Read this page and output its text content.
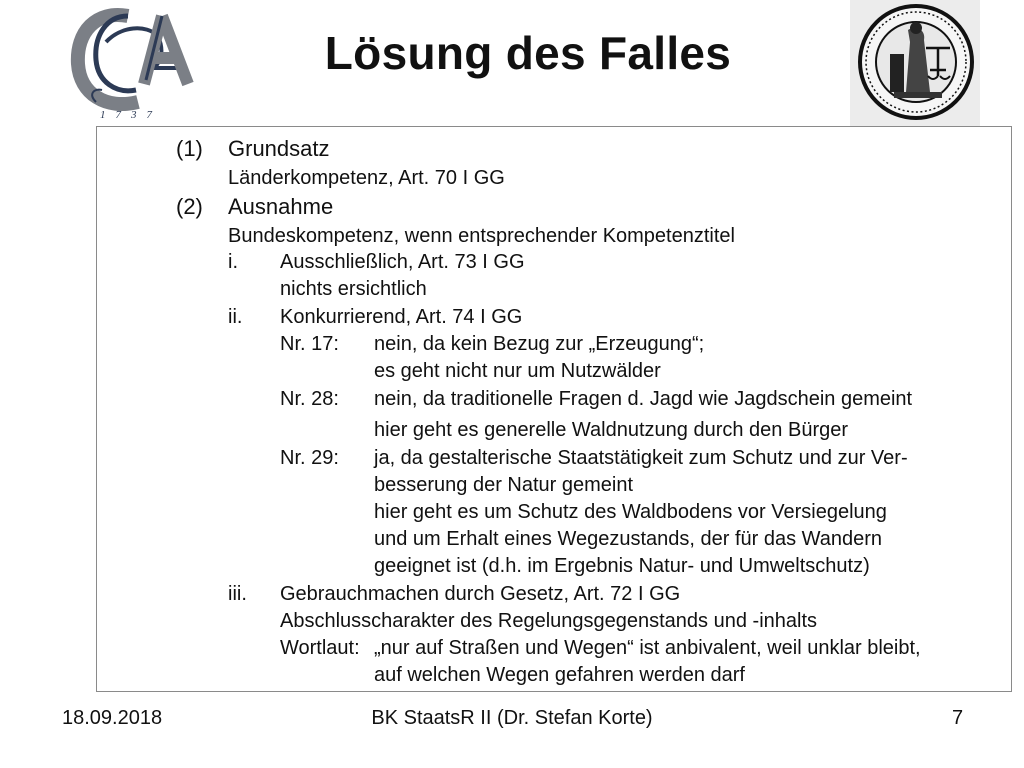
1737
Lösung des Falles
(1) Grundsatz
Länderkompetenz, Art. 70 I GG
(2) Ausnahme
Bundeskompetenz, wenn entsprechender Kompetenztitel
i. Ausschließlich, Art. 73 I GG
nichts ersichtlich
ii. Konkurrierend, Art. 74 I GG
Nr. 17: nein, da kein Bezug zur „Erzeugung“;
es geht nicht nur um Nutzwälder
Nr. 28: nein, da traditionelle Fragen d. Jagd wie Jagdschein gemeint
hier geht es generelle Waldnutzung durch den Bürger
Nr. 29: ja, da gestalterische Staatstätigkeit zum Schutz und zur Ver-
besserung der Natur gemeint
hier geht es um Schutz des Waldbodens vor Versiegelung
und um Erhalt eines Wegezustands, der für das Wandern
geeignet ist (d.h. im Ergebnis Natur- und Umweltschutz)
iii. Gebrauchmachen durch Gesetz, Art. 72 I GG
Abschlusscharakter des Regelungsgegenstands und -inhalts
Wortlaut: „nur auf Straßen und Wegen“ ist anbivalent, weil unklar bleibt,
auf welchen Wegen gefahren werden darf
18.09.2018	BK StaatsR II (Dr. Stefan Korte)	7
